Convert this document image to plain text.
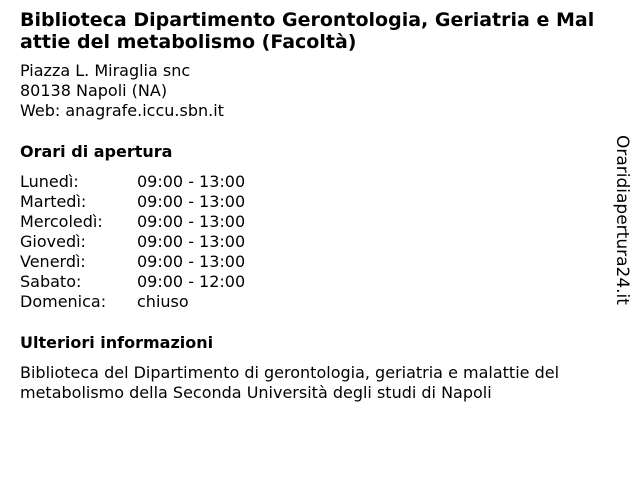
Biblioteca Dipartimento Gerontologia, Geriatria e Malattie del metabolismo (Facoltà)
Piazza L. Miraglia snc
80138 Napoli (NA)
Web: anagrafe.iccu.sbn.it
Orari di apertura
Lunedì:	09:00 - 13:00
Martedì:	09:00 - 13:00
Mercoledì:	09:00 - 13:00
Giovedì:	09:00 - 13:00
Venerdì:	09:00 - 13:00
Sabato:	09:00 - 12:00
Domenica:	chiuso
Ulteriori informazioni
Biblioteca del Dipartimento di gerontologia, geriatria e malattie del metabolismo della Seconda Università degli studi di Napoli
Oraridiapertura24.it
